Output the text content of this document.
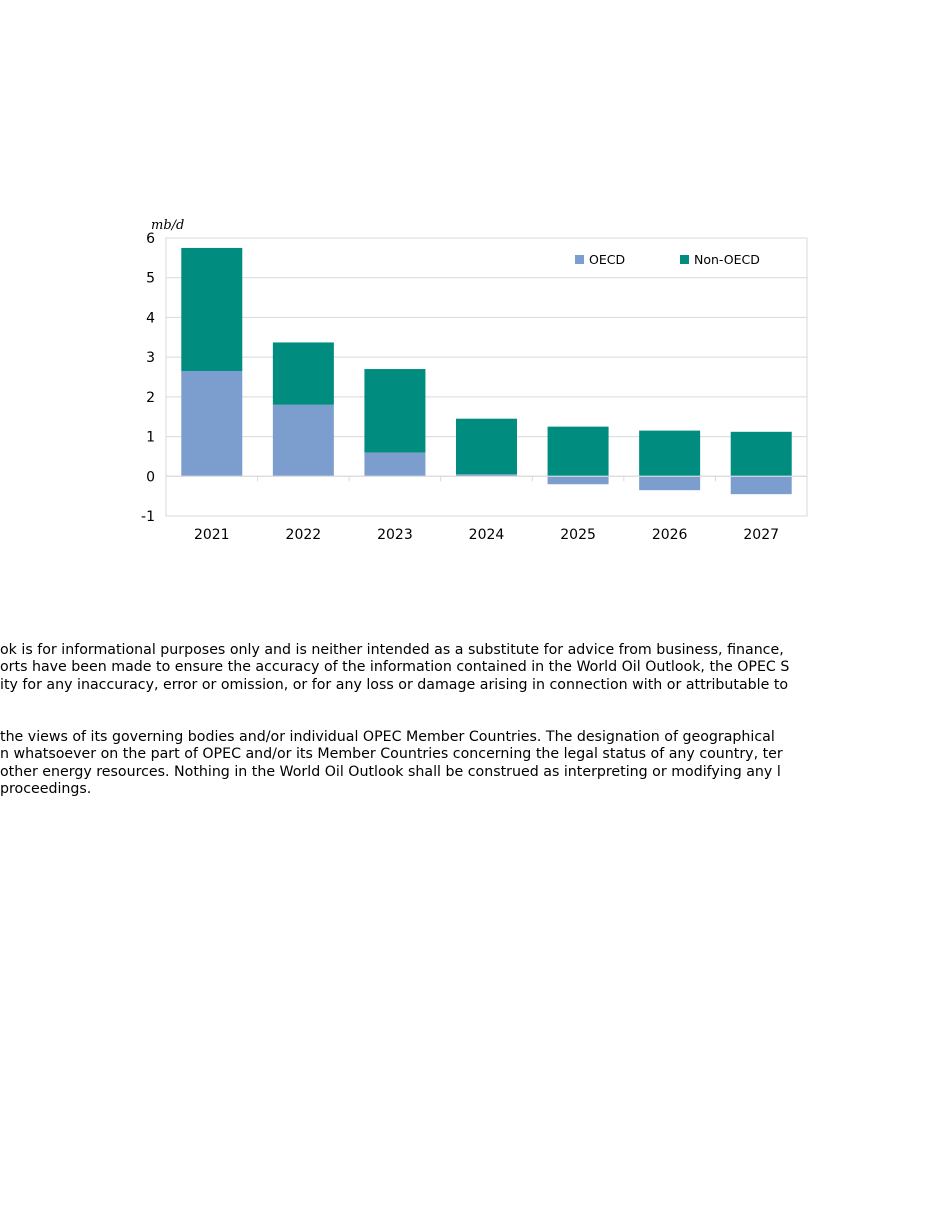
-1
0
1
2
3
4
5
6
2021	2022	2023	2024	2025	2026	2027
mb/d
OECD	Non-OECD
ok is for informational purposes only and is neither intended as a substitute for advice from business, finance,
orts have been made to ensure the accuracy of the information contained in the World Oil Outlook, the OPEC S
ity for any inaccuracy, error or omission, or for any loss or damage arising in connection with or attributable to
the views of its governing bodies and/or individual OPEC Member Countries. The designation of geographical
n whatsoever on the part of OPEC and/or its Member Countries concerning the legal status of any country, ter
other energy resources. Nothing in the World Oil Outlook shall be construed as interpreting or modifying any l
proceedings.
